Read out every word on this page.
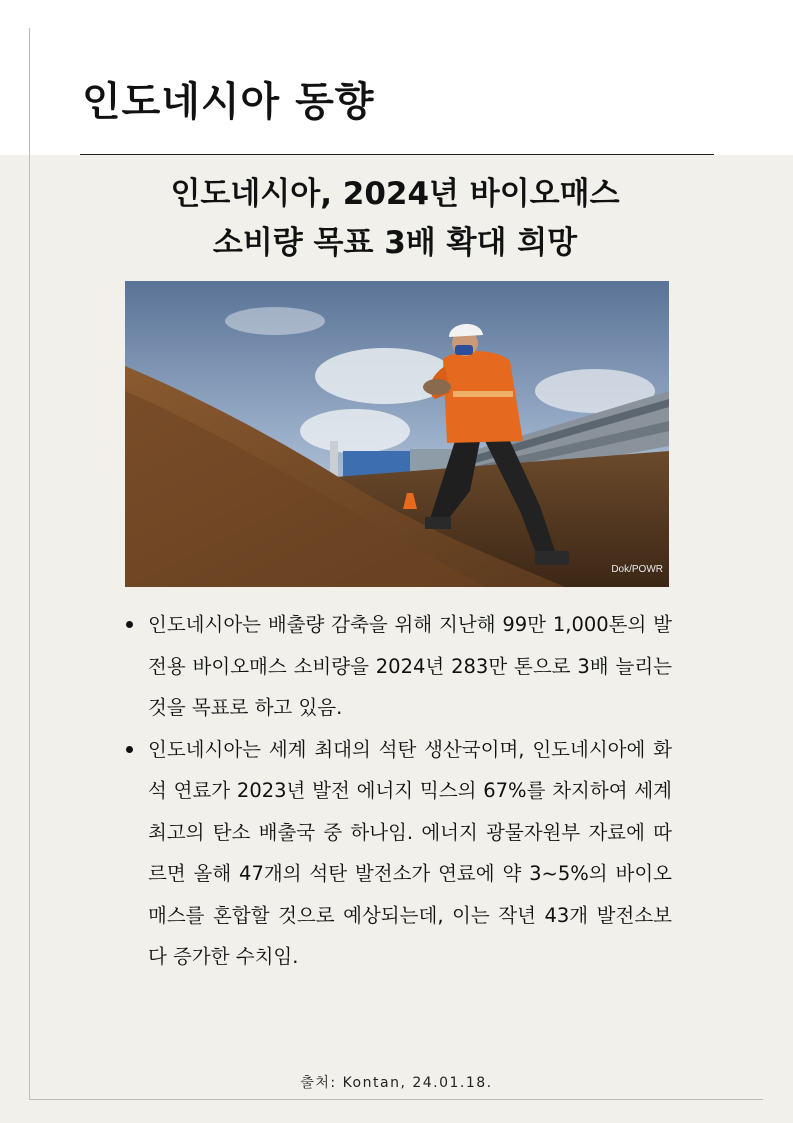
인도네시아 동향
인도네시아, 2024년 바이오매스
소비량 목표 3배 확대 희망
Dok/POWR
인도네시아는 배출량 감축을 위해 지난해 99만 1,000톤의 발전용 바이오매스 소비량을 2024년 283만 톤으로 3배 늘리는 것을 목표로 하고 있음.
인도네시아는 세계 최대의 석탄 생산국이며, 인도네시아에 화석 연료가 2023년 발전 에너지 믹스의 67%를 차지하여 세계 최고의 탄소 배출국 중 하나임. 에너지 광물자원부 자료에 따르면 올해 47개의 석탄 발전소가 연료에 약 3~5%의 바이오매스를 혼합할 것으로 예상되는데, 이는 작년 43개 발전소보다 증가한 수치임.
출처: Kontan, 24.01.18.
